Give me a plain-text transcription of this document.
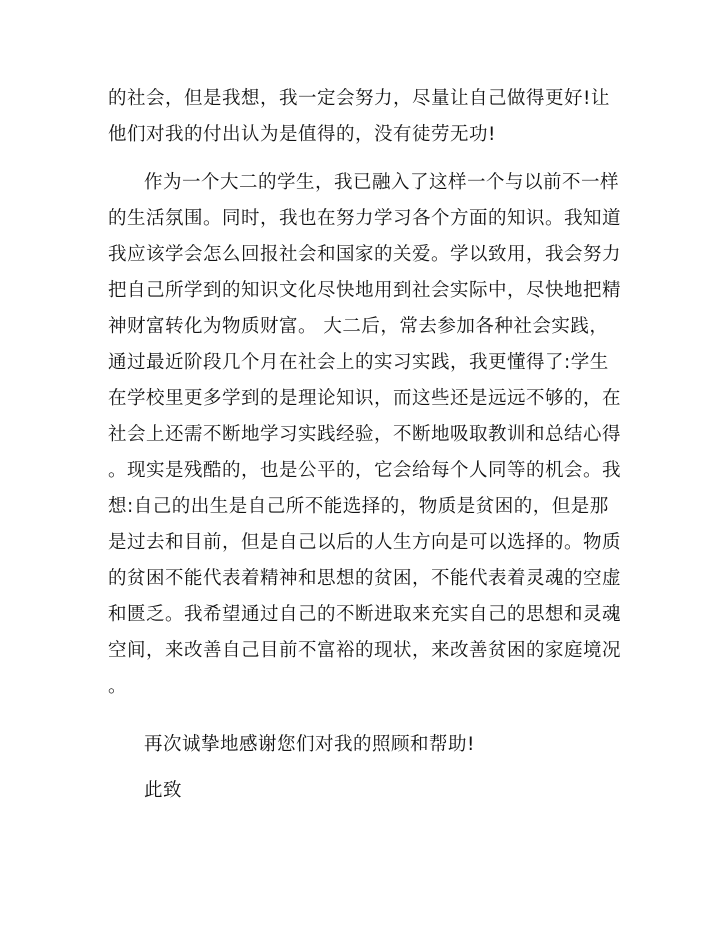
的社会，但是我想，我一定会努力，尽量让自己做得更好!让
他们对我的付出认为是值得的，没有徒劳无功!
作为一个大二的学生，我已融入了这样一个与以前不一样
的生活氛围。同时，我也在努力学习各个方面的知识。我知道
我应该学会怎么回报社会和国家的关爱。学以致用，我会努力
把自己所学到的知识文化尽快地用到社会实际中，尽快地把精
神财富转化为物质财富。 大二后，常去参加各种社会实践，
通过最近阶段几个月在社会上的实习实践，我更懂得了:学生
在学校里更多学到的是理论知识，而这些还是远远不够的，在
社会上还需不断地学习实践经验，不断地吸取教训和总结心得
。现实是残酷的，也是公平的，它会给每个人同等的机会。我
想:自己的出生是自己所不能选择的，物质是贫困的，但是那
是过去和目前，但是自己以后的人生方向是可以选择的。物质
的贫困不能代表着精神和思想的贫困，不能代表着灵魂的空虚
和匮乏。我希望通过自己的不断进取来充实自己的思想和灵魂
空间，来改善自己目前不富裕的现状，来改善贫困的家庭境况
。
再次诚挚地感谢您们对我的照顾和帮助!
此致
